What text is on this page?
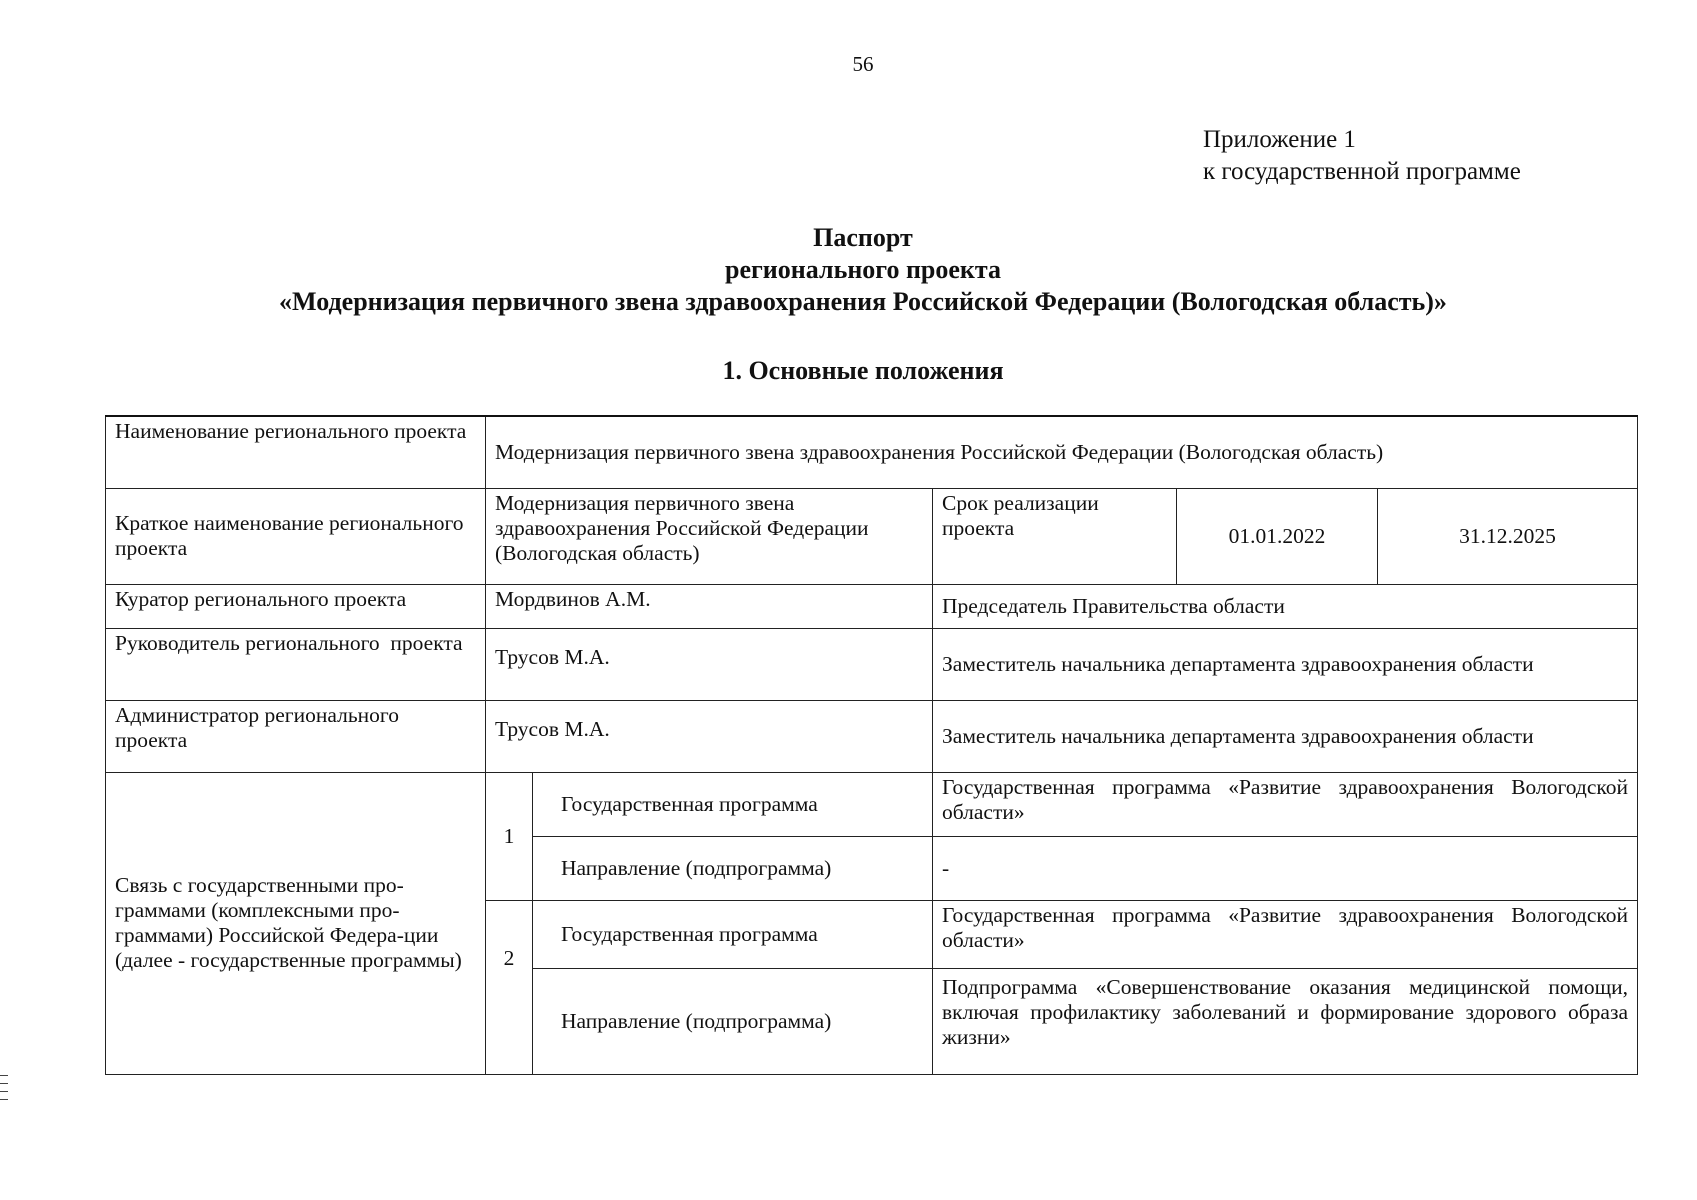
56
Приложение 1
к государственной программе
Паспорт
регионального проекта
«Модернизация первичного звена здравоохранения Российской Федерации (Вологодская область)»
1. Основные положения
Наименование регионального проекта	Модернизация первичного звена здравоохранения Российской Федерации (Вологодская область)				
Краткое наименование регионального проекта	Модернизация первичного звена здравоохранения Российской Федерации (Вологодская область)		Срок реализации проекта	01.01.2022	31.12.2025
Куратор регионального проекта	Мордвинов А.М.		Председатель Правительства области		
Руководитель регионального  проекта	Трусов М.А.		Заместитель начальника департамента здравоохранения области		
Администратор регионального проекта	Трусов М.А.		Заместитель начальника департамента здравоохранения области		
Связь с государственными про-граммами (комплексными про-граммами) Российской Федера-ции (далее - государственные программы)	1	Государственная программа	Государственная программа «Развитие здравоохранения Вологодской области»		
		Направление (подпрограмма)	-		
	2	Государственная программа	Государственная программа «Развитие здравоохранения Вологодской области»		
		Направление (подпрограмма)	Подпрограмма «Совершенствование оказания медицинской помощи, включая профилактику заболеваний и формирование здорового образа жизни»		
